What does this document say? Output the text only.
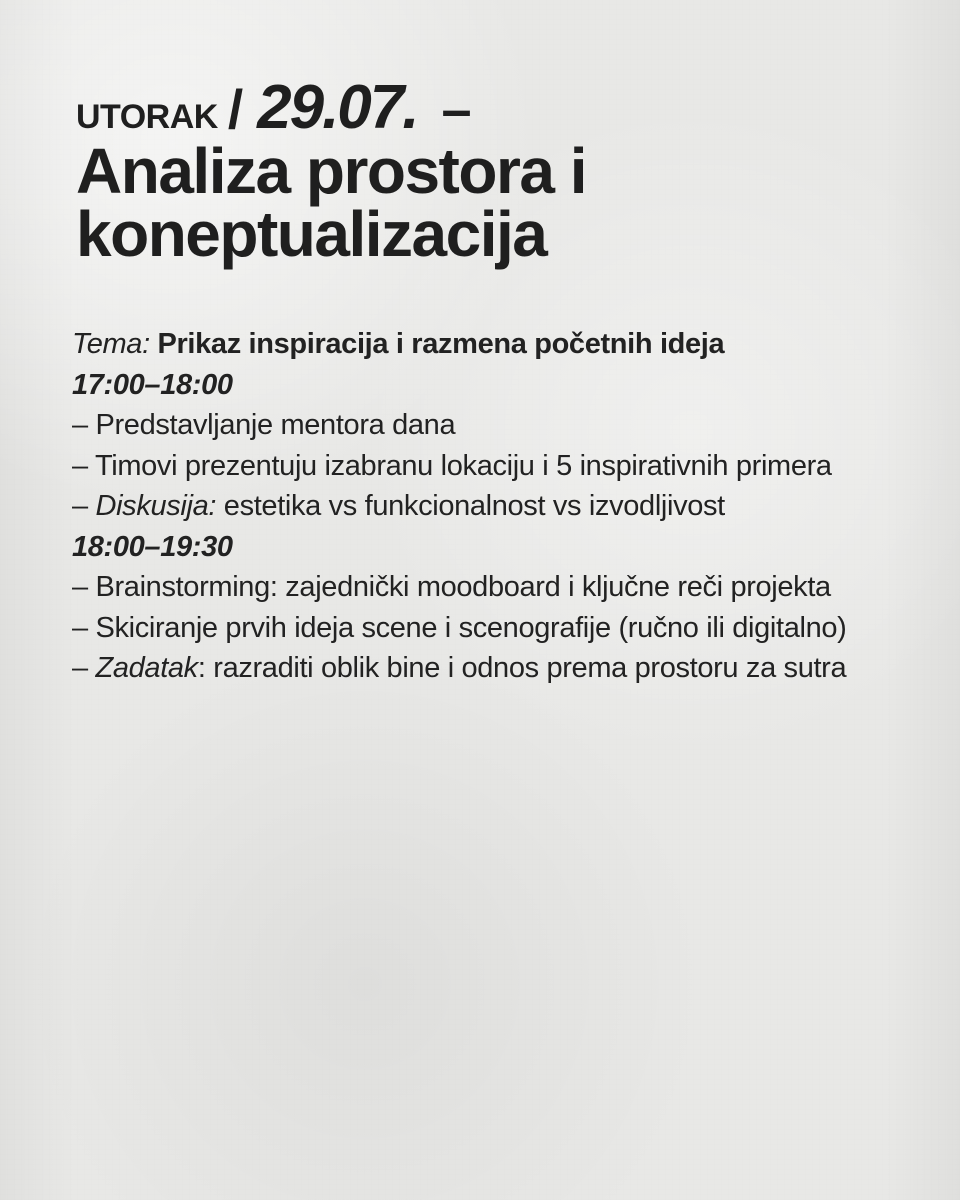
UTORAK / 29.07. –
Analiza prostora i
koneptualizacija
Tema: Prikaz inspiracija i razmena početnih ideja
17:00–18:00
– Predstavljanje mentora dana
– Timovi prezentuju izabranu lokaciju i 5 inspirativnih primera
– Diskusija: estetika vs funkcionalnost vs izvodljivost
18:00–19:30
– Brainstorming: zajednički moodboard i ključne reči projekta
– Skiciranje prvih ideja scene i scenografije (ručno ili digitalno)
– Zadatak: razraditi oblik bine i odnos prema prostoru za sutra
